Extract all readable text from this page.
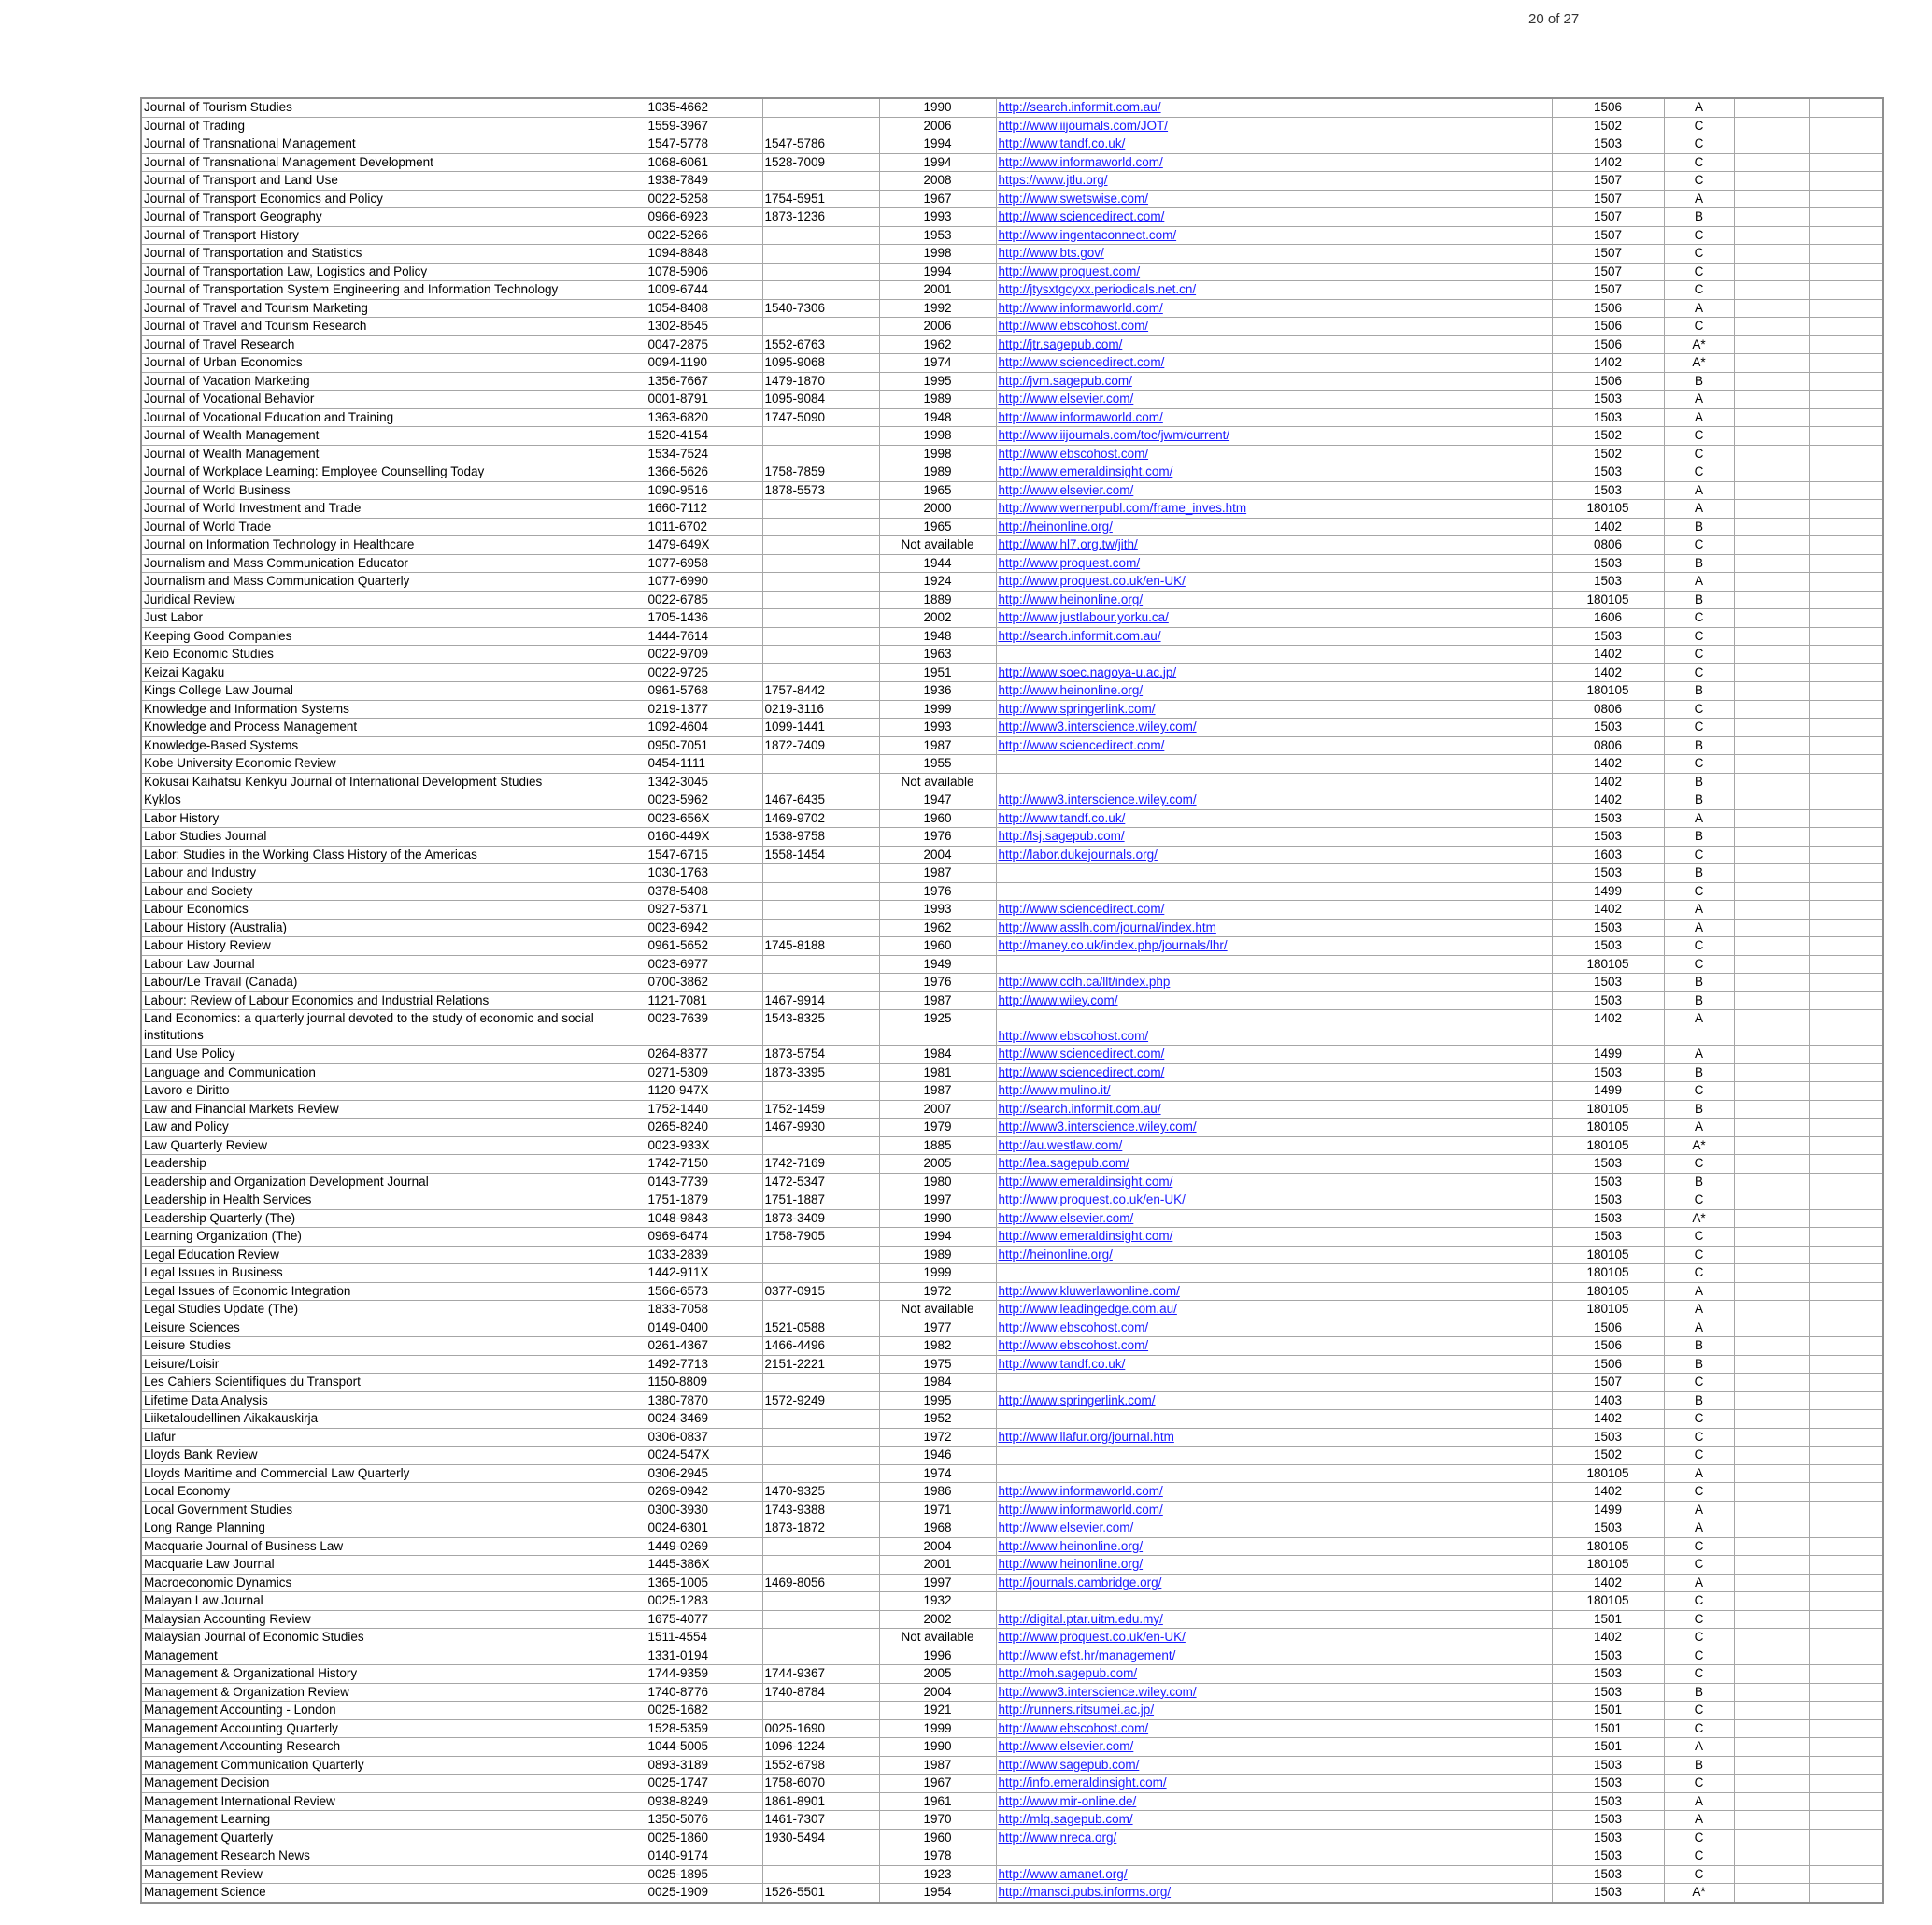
20 of 27
Journal of Tourism Studies	1035-4662		1990	http://search.informit.com.au/	1506	A		
Journal of Trading	1559-3967		2006	http://www.iijournals.com/JOT/	1502	C		
Journal of Transnational Management	1547-5778	1547-5786	1994	http://www.tandf.co.uk/	1503	C		
Journal of Transnational Management Development	1068-6061	1528-7009	1994	http://www.informaworld.com/	1402	C		
Journal of Transport and Land Use	1938-7849		2008	https://www.jtlu.org/	1507	C		
Journal of Transport Economics and Policy	0022-5258	1754-5951	1967	http://www.swetswise.com/	1507	A		
Journal of Transport Geography	0966-6923	1873-1236	1993	http://www.sciencedirect.com/	1507	B		
Journal of Transport History	0022-5266		1953	http://www.ingentaconnect.com/	1507	C		
Journal of Transportation and Statistics	1094-8848		1998	http://www.bts.gov/	1507	C		
Journal of Transportation Law, Logistics and Policy	1078-5906		1994	http://www.proquest.com/	1507	C		
Journal of Transportation System Engineering and Information Technology	1009-6744		2001	http://jtysxtgcyxx.periodicals.net.cn/	1507	C		
Journal of Travel and Tourism Marketing	1054-8408	1540-7306	1992	http://www.informaworld.com/	1506	A		
Journal of Travel and Tourism Research	1302-8545		2006	http://www.ebscohost.com/	1506	C		
Journal of Travel Research	0047-2875	1552-6763	1962	http://jtr.sagepub.com/	1506	A*		
Journal of Urban Economics	0094-1190	1095-9068	1974	http://www.sciencedirect.com/	1402	A*		
Journal of Vacation Marketing	1356-7667	1479-1870	1995	http://jvm.sagepub.com/	1506	B		
Journal of Vocational Behavior	0001-8791	1095-9084	1989	http://www.elsevier.com/	1503	A		
Journal of Vocational Education and Training	1363-6820	1747-5090	1948	http://www.informaworld.com/	1503	A		
Journal of Wealth Management	1520-4154		1998	http://www.iijournals.com/toc/jwm/current/	1502	C		
Journal of Wealth Management	1534-7524		1998	http://www.ebscohost.com/	1502	C		
Journal of Workplace Learning: Employee Counselling Today	1366-5626	1758-7859	1989	http://www.emeraldinsight.com/	1503	C		
Journal of World Business	1090-9516	1878-5573	1965	http://www.elsevier.com/	1503	A		
Journal of World Investment and Trade	1660-7112		2000	http://www.wernerpubl.com/frame_inves.htm	180105	A		
Journal of World Trade	1011-6702		1965	http://heinonline.org/	1402	B		
Journal on Information Technology in Healthcare	1479-649X		Not available	http://www.hl7.org.tw/jith/	0806	C		
Journalism and Mass Communication Educator	1077-6958		1944	http://www.proquest.com/	1503	B		
Journalism and Mass Communication Quarterly	1077-6990		1924	http://www.proquest.co.uk/en-UK/	1503	A		
Juridical Review	0022-6785		1889	http://www.heinonline.org/	180105	B		
Just Labor	1705-1436		2002	http://www.justlabour.yorku.ca/	1606	C		
Keeping Good Companies	1444-7614		1948	http://search.informit.com.au/	1503	C		
Keio Economic Studies	0022-9709		1963		1402	C		
Keizai Kagaku	0022-9725		1951	http://www.soec.nagoya-u.ac.jp/	1402	C		
Kings College Law Journal	0961-5768	1757-8442	1936	http://www.heinonline.org/	180105	B		
Knowledge and Information Systems	0219-1377	0219-3116	1999	http://www.springerlink.com/	0806	C		
Knowledge and Process Management	1092-4604	1099-1441	1993	http://www3.interscience.wiley.com/	1503	C		
Knowledge-Based Systems	0950-7051	1872-7409	1987	http://www.sciencedirect.com/	0806	B		
Kobe University Economic Review	0454-1111		1955		1402	C		
Kokusai Kaihatsu Kenkyu Journal of International Development Studies	1342-3045		Not available		1402	B		
Kyklos	0023-5962	1467-6435	1947	http://www3.interscience.wiley.com/	1402	B		
Labor History	0023-656X	1469-9702	1960	http://www.tandf.co.uk/	1503	A		
Labor Studies Journal	0160-449X	1538-9758	1976	http://lsj.sagepub.com/	1503	B		
Labor: Studies in the Working Class History of the Americas	1547-6715	1558-1454	2004	http://labor.dukejournals.org/	1603	C		
Labour and Industry	1030-1763		1987		1503	B		
Labour and Society	0378-5408		1976		1499	C		
Labour Economics	0927-5371		1993	http://www.sciencedirect.com/	1402	A		
Labour History (Australia)	0023-6942		1962	http://www.asslh.com/journal/index.htm	1503	A		
Labour History Review	0961-5652	1745-8188	1960	http://maney.co.uk/index.php/journals/lhr/	1503	C		
Labour Law Journal	0023-6977		1949		180105	C		
Labour/Le Travail (Canada)	0700-3862		1976	http://www.cclh.ca/llt/index.php	1503	B		
Labour: Review of Labour Economics and Industrial Relations	1121-7081	1467-9914	1987	http://www.wiley.com/	1503	B		
Land Economics: a quarterly journal devoted to the study of economic and social institutions	0023-7639	1543-8325	1925	http://www.ebscohost.com/	1402	A		
Land Use Policy	0264-8377	1873-5754	1984	http://www.sciencedirect.com/	1499	A		
Language and Communication	0271-5309	1873-3395	1981	http://www.sciencedirect.com/	1503	B		
Lavoro e Diritto	1120-947X		1987	http://www.mulino.it/	1499	C		
Law and Financial Markets Review	1752-1440	1752-1459	2007	http://search.informit.com.au/	180105	B		
Law and Policy	0265-8240	1467-9930	1979	http://www3.interscience.wiley.com/	180105	A		
Law Quarterly Review	0023-933X		1885	http://au.westlaw.com/	180105	A*		
Leadership	1742-7150	1742-7169	2005	http://lea.sagepub.com/	1503	C		
Leadership and Organization Development Journal	0143-7739	1472-5347	1980	http://www.emeraldinsight.com/	1503	B		
Leadership in Health Services	1751-1879	1751-1887	1997	http://www.proquest.co.uk/en-UK/	1503	C		
Leadership Quarterly (The)	1048-9843	1873-3409	1990	http://www.elsevier.com/	1503	A*		
Learning Organization (The)	0969-6474	1758-7905	1994	http://www.emeraldinsight.com/	1503	C		
Legal Education Review	1033-2839		1989	http://heinonline.org/	180105	C		
Legal Issues in Business	1442-911X		1999		180105	C		
Legal Issues of Economic Integration	1566-6573	0377-0915	1972	http://www.kluwerlawonline.com/	180105	A		
Legal Studies Update (The)	1833-7058		Not available	http://www.leadingedge.com.au/	180105	A		
Leisure Sciences	0149-0400	1521-0588	1977	http://www.ebscohost.com/	1506	A		
Leisure Studies	0261-4367	1466-4496	1982	http://www.ebscohost.com/	1506	B		
Leisure/Loisir	1492-7713	2151-2221	1975	http://www.tandf.co.uk/	1506	B		
Les Cahiers Scientifiques du Transport	1150-8809		1984		1507	C		
Lifetime Data Analysis	1380-7870	1572-9249	1995	http://www.springerlink.com/	1403	B		
Liiketaloudellinen Aikakauskirja	0024-3469		1952		1402	C		
Llafur	0306-0837		1972	http://www.llafur.org/journal.htm	1503	C		
Lloyds Bank Review	0024-547X		1946		1502	C		
Lloyds Maritime and Commercial Law Quarterly	0306-2945		1974		180105	A		
Local Economy	0269-0942	1470-9325	1986	http://www.informaworld.com/	1402	C		
Local Government Studies	0300-3930	1743-9388	1971	http://www.informaworld.com/	1499	A		
Long Range Planning	0024-6301	1873-1872	1968	http://www.elsevier.com/	1503	A		
Macquarie Journal of Business Law	1449-0269		2004	http://www.heinonline.org/	180105	C		
Macquarie Law Journal	1445-386X		2001	http://www.heinonline.org/	180105	C		
Macroeconomic Dynamics	1365-1005	1469-8056	1997	http://journals.cambridge.org/	1402	A		
Malayan Law Journal	0025-1283		1932		180105	C		
Malaysian Accounting Review	1675-4077		2002	http://digital.ptar.uitm.edu.my/	1501	C		
Malaysian Journal of Economic Studies	1511-4554		Not available	http://www.proquest.co.uk/en-UK/	1402	C		
Management	1331-0194		1996	http://www.efst.hr/management/	1503	C		
Management & Organizational History	1744-9359	1744-9367	2005	http://moh.sagepub.com/	1503	C		
Management & Organization Review	1740-8776	1740-8784	2004	http://www3.interscience.wiley.com/	1503	B		
Management Accounting - London	0025-1682		1921	http://runners.ritsumei.ac.jp/	1501	C		
Management Accounting Quarterly	1528-5359	0025-1690	1999	http://www.ebscohost.com/	1501	C		
Management Accounting Research	1044-5005	1096-1224	1990	http://www.elsevier.com/	1501	A		
Management Communication Quarterly	0893-3189	1552-6798	1987	http://www.sagepub.com/	1503	B		
Management Decision	0025-1747	1758-6070	1967	http://info.emeraldinsight.com/	1503	C		
Management International Review	0938-8249	1861-8901	1961	http://www.mir-online.de/	1503	A		
Management Learning	1350-5076	1461-7307	1970	http://mlq.sagepub.com/	1503	A		
Management Quarterly	0025-1860	1930-5494	1960	http://www.nreca.org/	1503	C		
Management Research News	0140-9174		1978		1503	C		
Management Review	0025-1895		1923	http://www.amanet.org/	1503	C		
Management Science	0025-1909	1526-5501	1954	http://mansci.pubs.informs.org/	1503	A*		
